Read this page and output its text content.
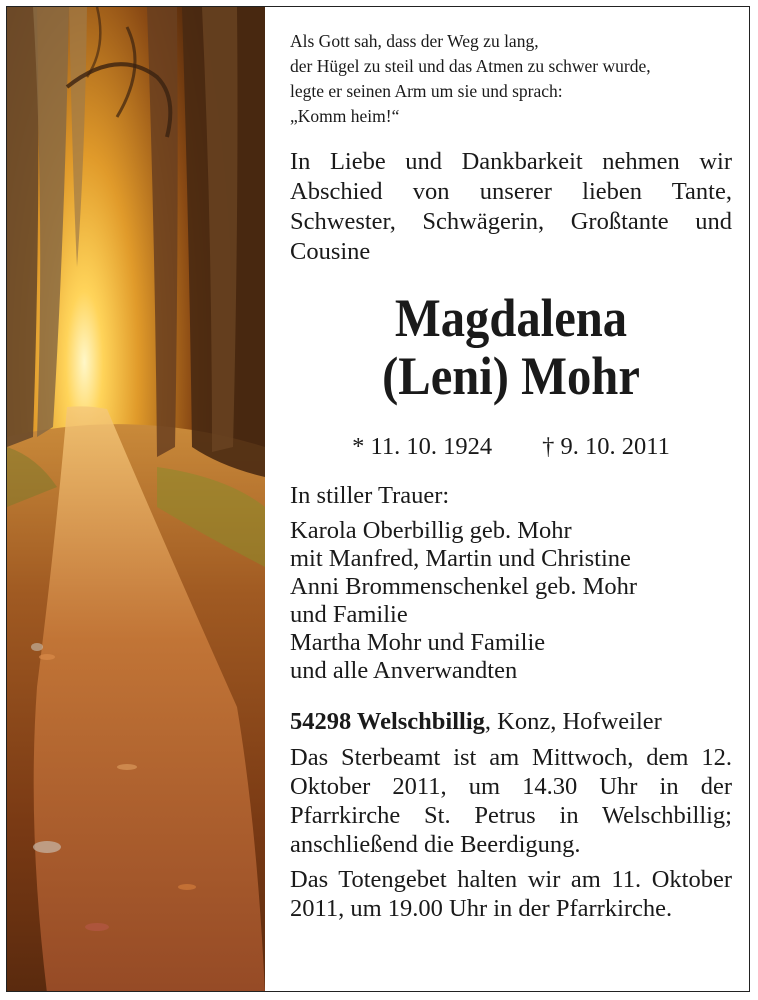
Als Gott sah, dass der Weg zu lang,
der Hügel zu steil und das Atmen zu schwer wurde,
legte er seinen Arm um sie und sprach:
„Komm heim!“

In Liebe und Dankbarkeit nehmen wir Abschied von unserer lieben Tante, Schwester, Schwägerin, Großtante und Cousine

Magdalena
(Leni) Mohr
* 11. 10. 1924 † 9. 10. 2011
In stiller Trauer:
Karola Oberbillig geb. Mohr
mit Manfred, Martin und Christine
Anni Brommenschenkel geb. Mohr
und Familie
Martha Mohr und Familie
und alle Anverwandten
54298 Welschbillig, Konz, Hofweiler

Das Sterbeamt ist am Mittwoch, dem 12. Oktober 2011, um 14.30 Uhr in der Pfarrkirche St. Petrus in Welschbillig; anschließend die Beerdigung.

Das Totengebet halten wir am 11. Oktober 2011, um 19.00 Uhr in der Pfarrkirche.
